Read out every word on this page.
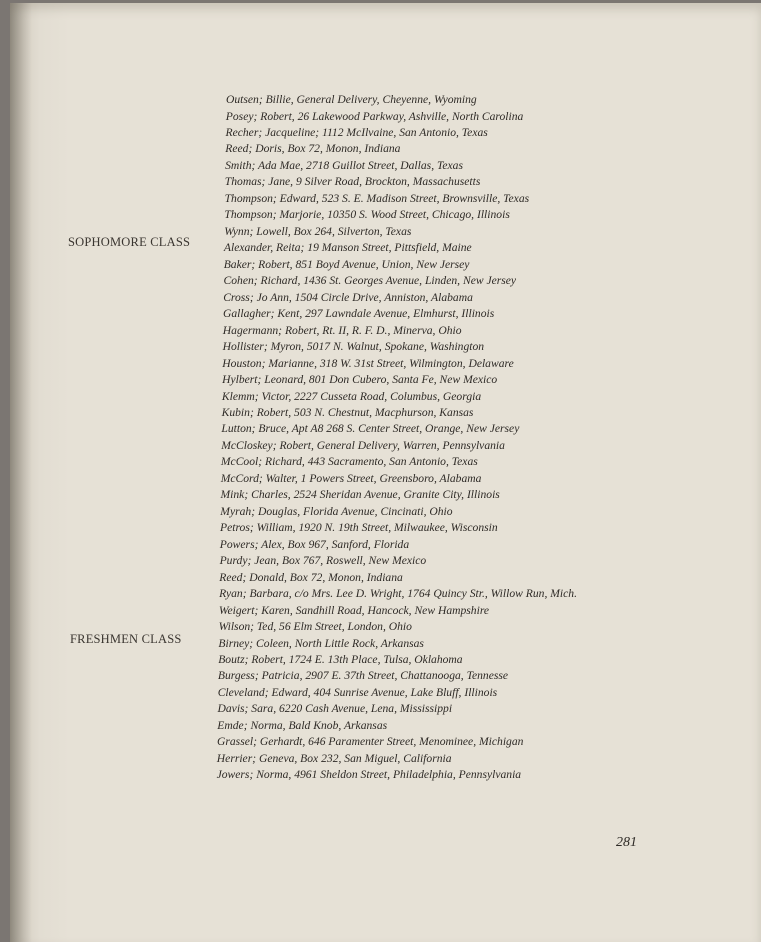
SOPHOMORE CLASS
FRESHMEN CLASS
Outsen; Billie, General Delivery, Cheyenne, Wyoming
Posey; Robert, 26 Lakewood Parkway, Ashville, North Carolina
Recher; Jacqueline; 1112 McIlvaine, San Antonio, Texas
Reed; Doris, Box 72, Monon, Indiana
Smith; Ada Mae, 2718 Guillot Street, Dallas, Texas
Thomas; Jane, 9 Silver Road, Brockton, Massachusetts
Thompson; Edward, 523 S. E. Madison Street, Brownsville, Texas
Thompson; Marjorie, 10350 S. Wood Street, Chicago, Illinois
Wynn; Lowell, Box 264, Silverton, Texas
Alexander, Reita; 19 Manson Street, Pittsfield, Maine
Baker; Robert, 851 Boyd Avenue, Union, New Jersey
Cohen; Richard, 1436 St. Georges Avenue, Linden, New Jersey
Cross; Jo Ann, 1504 Circle Drive, Anniston, Alabama
Gallagher; Kent, 297 Lawndale Avenue, Elmhurst, Illinois
Hagermann; Robert, Rt. II, R. F. D., Minerva, Ohio
Hollister; Myron, 5017 N. Walnut, Spokane, Washington
Houston; Marianne, 318 W. 31st Street, Wilmington, Delaware
Hylbert; Leonard, 801 Don Cubero, Santa Fe, New Mexico
Klemm; Victor, 2227 Cusseta Road, Columbus, Georgia
Kubin; Robert, 503 N. Chestnut, Macphurson, Kansas
Lutton; Bruce, Apt A8 268 S. Center Street, Orange, New Jersey
McCloskey; Robert, General Delivery, Warren, Pennsylvania
McCool; Richard, 443 Sacramento, San Antonio, Texas
McCord; Walter, 1 Powers Street, Greensboro, Alabama
Mink; Charles, 2524 Sheridan Avenue, Granite City, Illinois
Myrah; Douglas, Florida Avenue, Cincinati, Ohio
Petros; William, 1920 N. 19th Street, Milwaukee, Wisconsin
Powers; Alex, Box 967, Sanford, Florida
Purdy; Jean, Box 767, Roswell, New Mexico
Reed; Donald, Box 72, Monon, Indiana
Ryan; Barbara, c/o Mrs. Lee D. Wright, 1764 Quincy Str., Willow Run, Mich.
Weigert; Karen, Sandhill Road, Hancock, New Hampshire
Wilson; Ted, 56 Elm Street, London, Ohio
Birney; Coleen, North Little Rock, Arkansas
Boutz; Robert, 1724 E. 13th Place, Tulsa, Oklahoma
Burgess; Patricia, 2907 E. 37th Street, Chattanooga, Tennesse
Cleveland; Edward, 404 Sunrise Avenue, Lake Bluff, Illinois
Davis; Sara, 6220 Cash Avenue, Lena, Mississippi
Emde; Norma, Bald Knob, Arkansas
Grassel; Gerhardt, 646 Paramenter Street, Menominee, Michigan
Herrier; Geneva, Box 232, San Miguel, California
Jowers; Norma, 4961 Sheldon Street, Philadelphia, Pennsylvania
281
